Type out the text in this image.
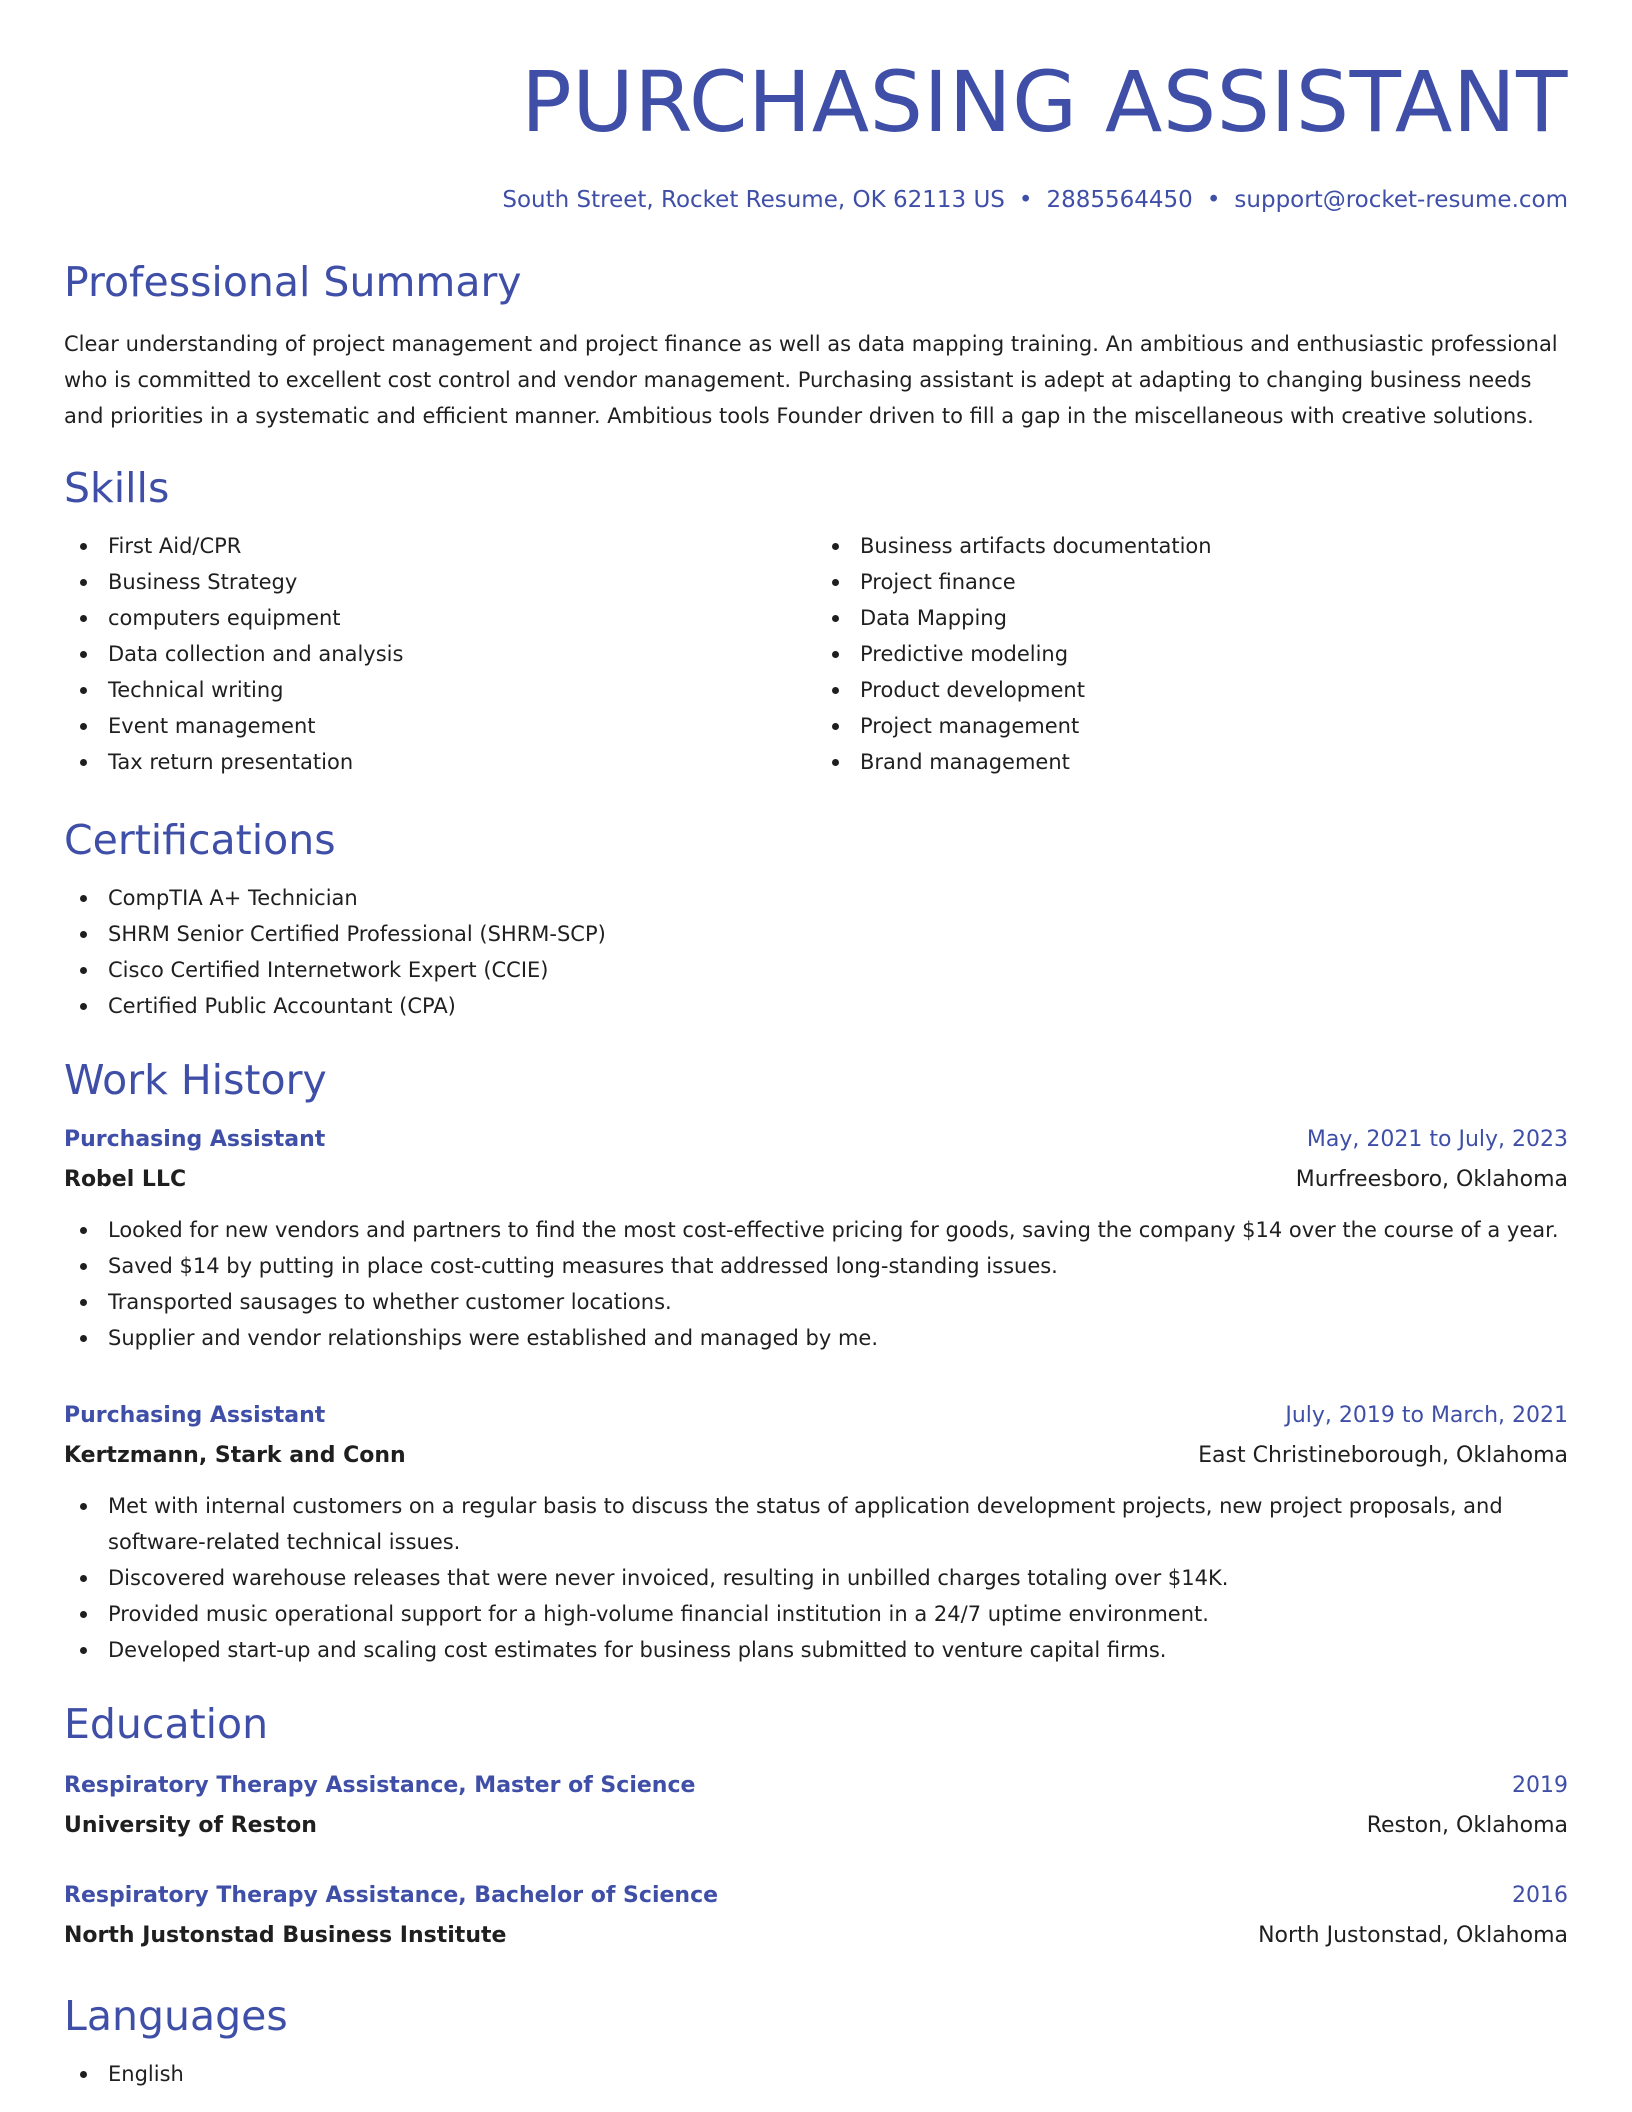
PURCHASING ASSISTANT
South Street, Rocket Resume, OK 62113 US • 2885564450 • support@rocket-resume.com
Professional Summary

Clear understanding of project management and project finance as well as data mapping training. An ambitious and enthusiastic professional who is committed to excellent cost control and vendor management. Purchasing assistant is adept at adapting to changing business needs and priorities in a systematic and efficient manner. Ambitious tools Founder driven to fill a gap in the miscellaneous with creative solutions.

Skills
First Aid/CPR
Business Strategy
computers equipment
Data collection and analysis
Technical writing
Event management
Tax return presentation
Business artifacts documentation
Project finance
Data Mapping
Predictive modeling
Product development
Project management
Brand management
Certifications
CompTIA A+ Technician
SHRM Senior Certified Professional (SHRM-SCP)
Cisco Certified Internetwork Expert (CCIE)
Certified Public Accountant (CPA)
Work History
Purchasing Assistant	May, 2021 to July, 2023
Robel LLC	Murfreesboro, Oklahoma
Looked for new vendors and partners to find the most cost-effective pricing for goods, saving the company $14 over the course of a year.
Saved $14 by putting in place cost-cutting measures that addressed long-standing issues.
Transported sausages to whether customer locations.
Supplier and vendor relationships were established and managed by me.
Purchasing Assistant	July, 2019 to March, 2021
Kertzmann, Stark and Conn	East Christineborough, Oklahoma
Met with internal customers on a regular basis to discuss the status of application development projects, new project proposals, and software-related technical issues.
Discovered warehouse releases that were never invoiced, resulting in unbilled charges totaling over $14K.
Provided music operational support for a high-volume financial institution in a 24/7 uptime environment.
Developed start-up and scaling cost estimates for business plans submitted to venture capital firms.
Education
Respiratory Therapy Assistance, Master of Science	2019
University of Reston	Reston, Oklahoma
Respiratory Therapy Assistance, Bachelor of Science	2016
North Justonstad Business Institute	North Justonstad, Oklahoma
Languages
English
